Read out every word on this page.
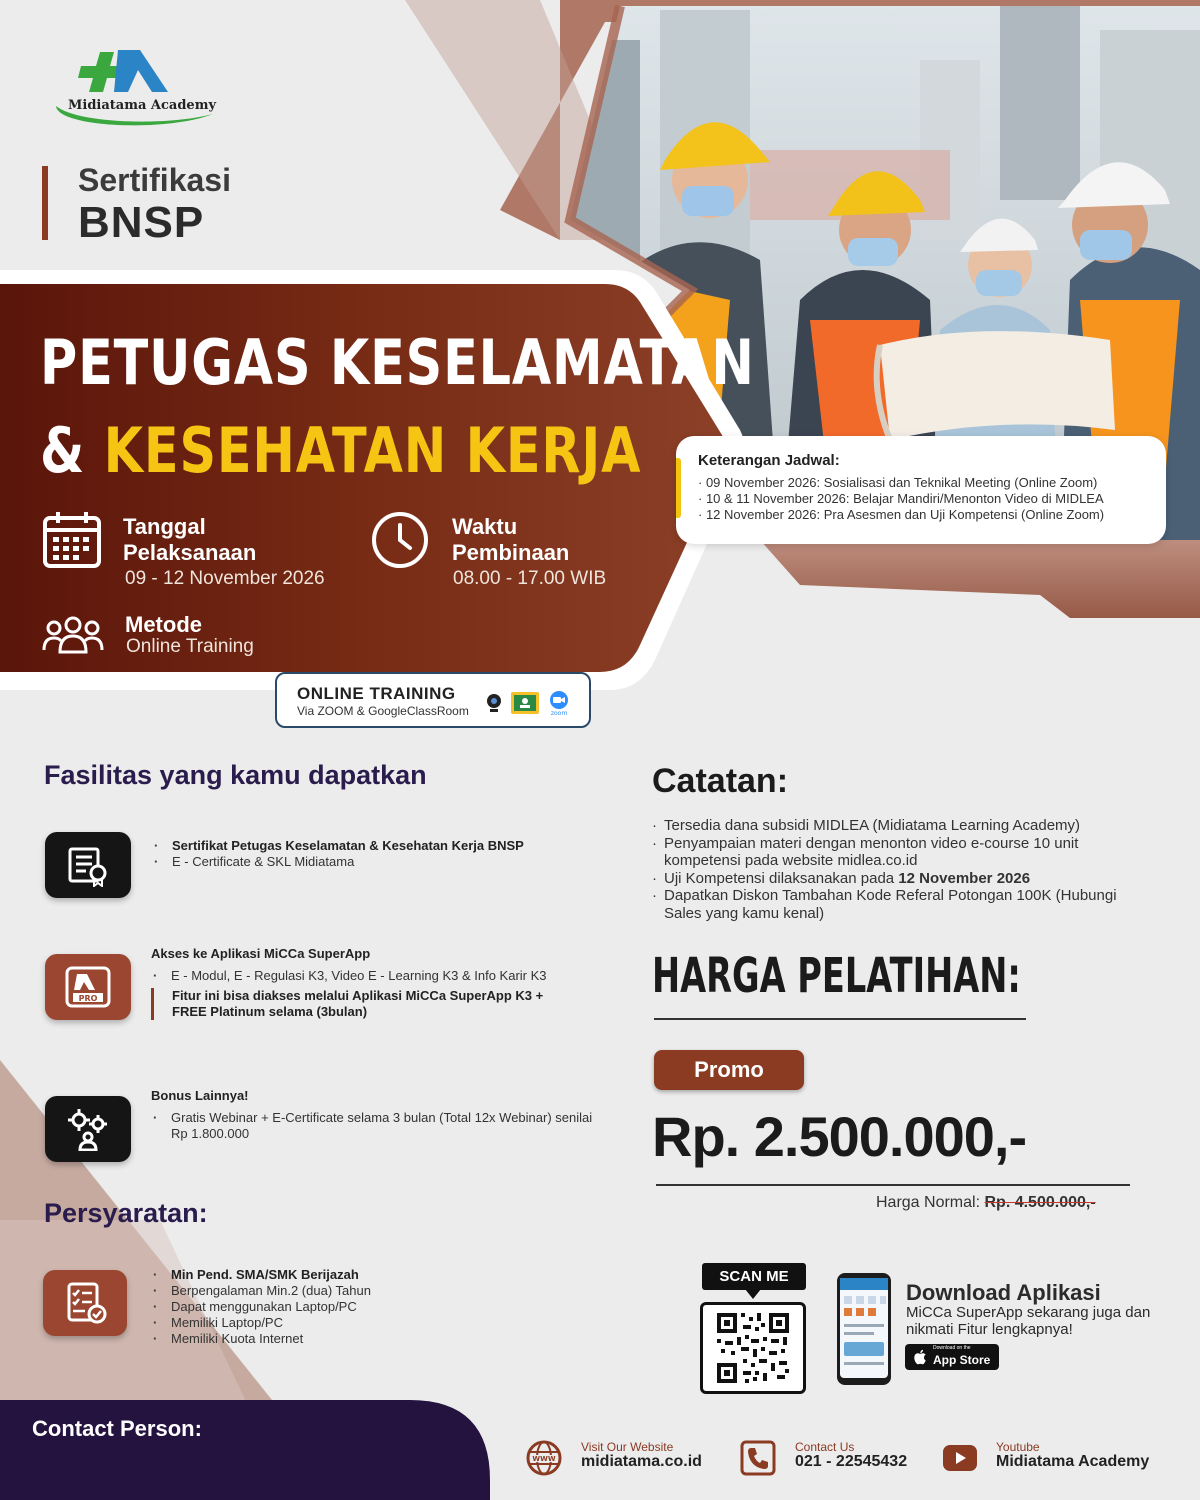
Midiatama Academy
Sertifikasi
BNSP
Keterangan Jadwal:
· 09 November 2026: Sosialisasi dan Teknikal Meeting (Online Zoom)
· 10 & 11 November 2026: Belajar Mandiri/Menonton Video di MIDLEA
· 12 November 2026: Pra Asesmen dan Uji Kompetensi (Online Zoom)
PETUGAS KESELAMATAN
& KESEHATAN KERJA
Tanggal
Pelaksanaan
09 - 12 November 2026
Waktu
Pembinaan
08.00 - 17.00 WIB
Metode
Online Training
ONLINE TRAINING
Via ZOOM & GoogleClassRoom	zoom
Fasilitas yang kamu dapatkan
· Sertifikat Petugas Keselamatan & Kesehatan Kerja BNSP
· E - Certificate & SKL Midiatama
PRO
Akses ke Aplikasi MiCCa SuperApp
· E - Modul, E - Regulasi K3, Video E - Learning K3 & Info Karir K3
Fitur ini bisa diakses melalui Aplikasi MiCCa SuperApp K3 + FREE Platinum selama (3bulan)
Bonus Lainnya!
· Gratis Webinar + E-Certificate selama 3 bulan (Total 12x Webinar) senilai Rp 1.800.000
Persyaratan:
· Min Pend. SMA/SMK Berijazah
· Berpengalaman Min.2 (dua) Tahun
· Dapat menggunakan Laptop/PC
· Memiliki Laptop/PC
· Memiliki Kuota Internet
Catatan:
· Tersedia dana subsidi MIDLEA (Midiatama Learning Academy)
· Penyampaian materi dengan menonton video e-course 10 unit kompetensi pada website midlea.co.id
· Uji Kompetensi dilaksanakan pada 12 November 2026
· Dapatkan Diskon Tambahan Kode Referal Potongan 100K (Hubungi Sales yang kamu kenal)
HARGA PELATIHAN:
Promo
Rp. 2.500.000,-
Harga Normal: Rp. 4.500.000,-
SCAN ME
Download Aplikasi
MiCCa SuperApp sekarang juga dan nikmati Fitur lengkapnya!
Download on the
App Store
Contact Person:
WWW
Visit Our Website
midiatama.co.id
Contact Us
021 - 22545432
Youtube
Midiatama Academy
